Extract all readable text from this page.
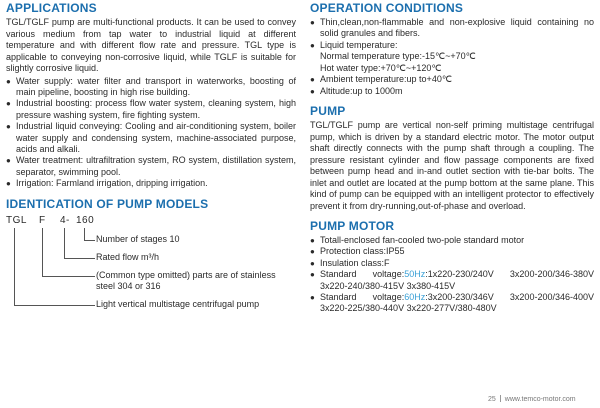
APPLICATIONS

TGL/TGLF pump are multi-functional products. It can be used to convey various medium from tap water to industrial liquid at different temperature and with different flow rate and pressure. TGL type is applicable to conveying non-corrosive liquid, while TGLF is suitable for slightly corrosive liquid.

● Water supply: water filter and transport in waterworks, boosting of main pipeline, boosting in high rise building.
● Industrial boosting: process flow water system, cleaning system, high pressure washing system, fire fighting system.
● Industrial liquid conveying: Cooling and air-conditioning system, boiler water supply and condensing system, machine-associated purpose, acids and alkali.
● Water treatment: ultrafiltration system, RO system, distillation system, separator, swimming pool.
● Irrigation: Farmland irrigation, dripping irrigation.
IDENTICATION OF PUMP MODELS
TGL F 4- 160
Number of stages 10
Rated flow m³/h
(Common type omitted) parts are of stainless steel 304 or 316
Light vertical multistage centrifugal pump
OPERATION CONDITIONS
● Thin,clean,non-flammable and non-explosive liquid containing no solid granules and fibers.
● Liquid temperature:

Normal temperature type:-15℃~+70℃

Hot water type:+70℃~+120℃

● Ambient temperature:up to+40℃
● Altitude:up to 1000m
PUMP

TGL/TGLF pump are vertical non-self priming multistage centrifugal pump, which is driven by a standard electric motor. The motor output shaft directly connects with the pump shaft through a coupling. The pressure resistant cylinder and flow passage components are fixed between pump head and in-and outlet section with tie-bar bolts. The inlet and outlet are located at the pump bottom at the same plane. This kind of pump can be equipped with an intelligent protector to effectively prevent it from dry-running,out-of-phase and overload.

PUMP MOTOR
● Totall-enclosed fan-cooled two-pole standard motor
● Protection class:IP55
● Insulation class:F
● Standard voltage:50Hz:1x220-230/240V 3x200-200/346-380V 3x220-240/380-415V 3x380-415V
● Standard voltage:60Hz:3x200-230/346V 3x200-200/346-400V 3x220-225/380-440V 3x220-277V/380-480V
25 www.temco-motor.com
